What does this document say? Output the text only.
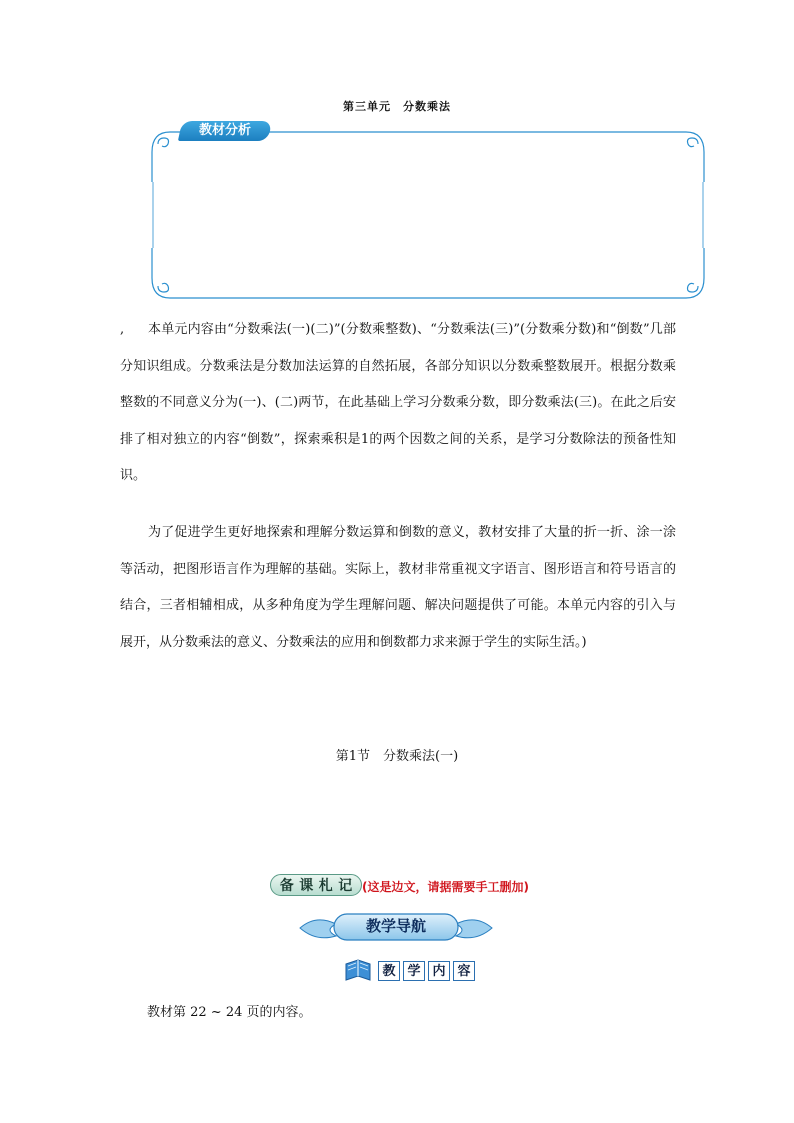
第三单元　分数乘法
教材分析
,	本单元内容由“分数乘法(一)(二)”(分数乘整数)、“分数乘法(三)”(分数乘分数)和“倒数”几部分知识组成。分数乘法是分数加法运算的自然拓展，各部分知识以分数乘整数展开。根据分数乘整数的不同意义分为(一)、(二)两节，在此基础上学习分数乘分数，即分数乘法(三)。在此之后安排了相对独立的内容“倒数”，探索乘积是1的两个因数之间的关系，是学习分数除法的预备性知识。

为了促进学生更好地探索和理解分数运算和倒数的意义，教材安排了大量的折一折、涂一涂等活动，把图形语言作为理解的基础。实际上，教材非常重视文字语言、图形语言和符号语言的结合，三者相辅相成，从多种角度为学生理解问题、解决问题提供了可能。本单元内容的引入与展开，从分数乘法的意义、分数乘法的应用和倒数都力求来源于学生的实际生活。)

第1节　分数乘法(一)
备 课 札 记 (这是边文，请据需要手工删加)
教学导航
教 学 内 容
教材第 22 ~ 24 页的内容。
